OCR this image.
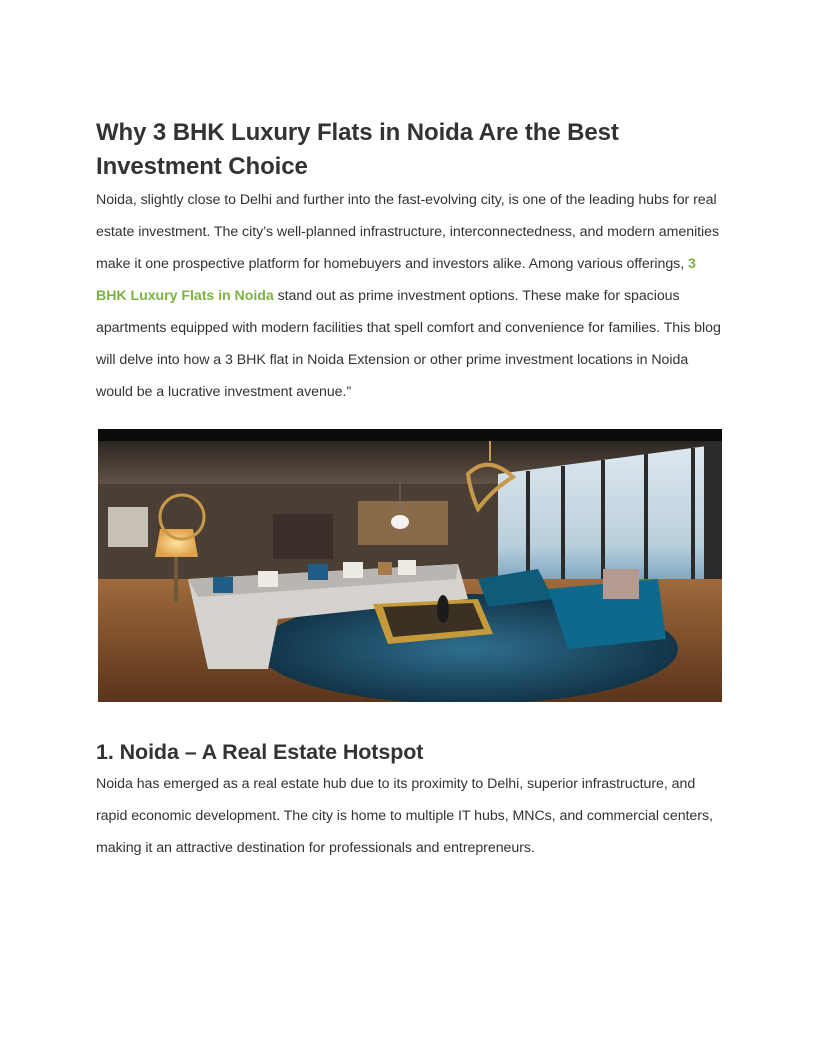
Why 3 BHK Luxury Flats in Noida Are the Best Investment Choice

Noida, slightly close to Delhi and further into the fast-evolving city, is one of the leading hubs for real estate investment. The city’s well-planned infrastructure, interconnectedness, and modern amenities make it one prospective platform for homebuyers and investors alike. Among various offerings, 3 BHK Luxury Flats in Noida stand out as prime investment options. These make for spacious apartments equipped with modern facilities that spell comfort and convenience for families. This blog will delve into how a 3 BHK flat in Noida Extension or other prime investment locations in Noida would be a lucrative investment avenue.”

1. Noida – A Real Estate Hotspot

Noida has emerged as a real estate hub due to its proximity to Delhi, superior infrastructure, and rapid economic development. The city is home to multiple IT hubs, MNCs, and commercial centers, making it an attractive destination for professionals and entrepreneurs.
